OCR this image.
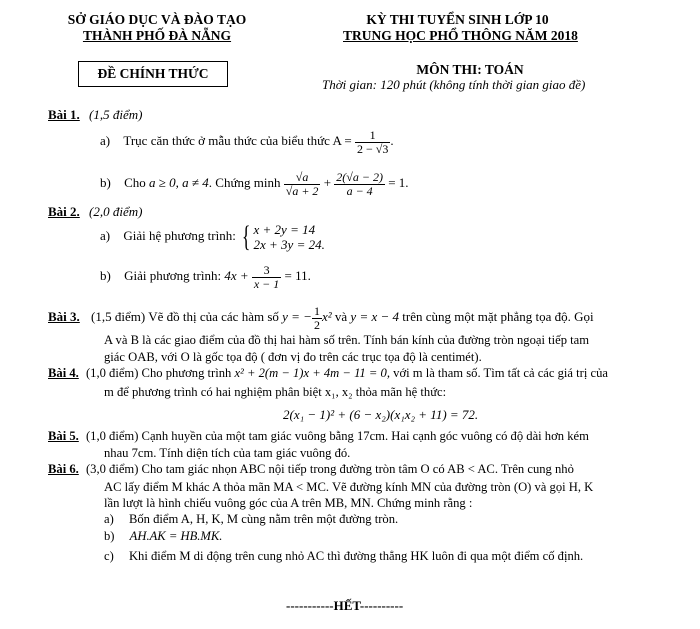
SỞ GIÁO DỤC VÀ ĐÀO TẠO
THÀNH PHỐ ĐÀ NẴNG
KỲ THI TUYỂN SINH LỚP 10
TRUNG HỌC PHỔ THÔNG NĂM 2018
ĐỀ CHÍNH THỨC	MÔN THI: TOÁN
Thời gian: 120 phút (không tính thời gian giao đề)
Bài 1. (1,5 điểm)
a) Trục căn thức ở mẫu thức của biểu thức $A = \frac{1}{2 - √3}$ .
b) Cho a ≥ 0, a ≠ 4. Chứng minh $\frac{√a}{√a + 2} + \frac{2(√a - 2)}{a - 4} = 1$.
Bài 2. (2,0 điểm)
a) Giải hệ phương trình: { x + 2y = 14
2x + 3y = 24.
b) Giải phương trình: $4x + \frac{3}{x - 1} = 11$.
Bài 3. (1,5 điểm) Vẽ đồ thị của các hàm số y = − $\frac{1}{2} x^2$ và y = x − 4 trên cùng một mặt phẳng tọa độ. Gọi
A và B là các giao điểm của đồ thị hai hàm số trên. Tính bán kính của đường tròn ngoại tiếp tam
giác OAB, với O là gốc tọa độ ( đơn vị đo trên các trục tọa độ là centimét).
Bài 4. (1,0 điểm) Cho phương trình x² + 2(m − 1)x + 4m − 11 = 0, với m là tham số. Tìm tất cả các giá trị của
m để phương trình có hai nghiệm phân biệt x₁, x₂ thỏa mãn hệ thức:
2(x₁ − 1)² + (6 − x₂)(x₁x₂ + 11) = 72.
Bài 5. (1,0 điểm) Cạnh huyền của một tam giác vuông bằng 17cm. Hai cạnh góc vuông có độ dài hơn kém
nhau 7cm. Tính diện tích của tam giác vuông đó.
Bài 6. (3,0 điểm) Cho tam giác nhọn ABC nội tiếp trong đường tròn tâm O có AB < AC. Trên cung nhỏ
AC lấy điểm M khác A thỏa mãn MA < MC. Vẽ đường kính MN của đường tròn (O) và gọi H, K
lần lượt là hình chiếu vuông góc của A trên MB, MN. Chứng minh rằng :
a) Bốn điểm A, H, K, M cùng nằm trên một đường tròn.
b) AH.AK = HB.MK.
c) Khi điểm M di động trên cung nhỏ AC thì đường thẳng HK luôn đi qua một điểm cố định.
-----------HẾT----------
